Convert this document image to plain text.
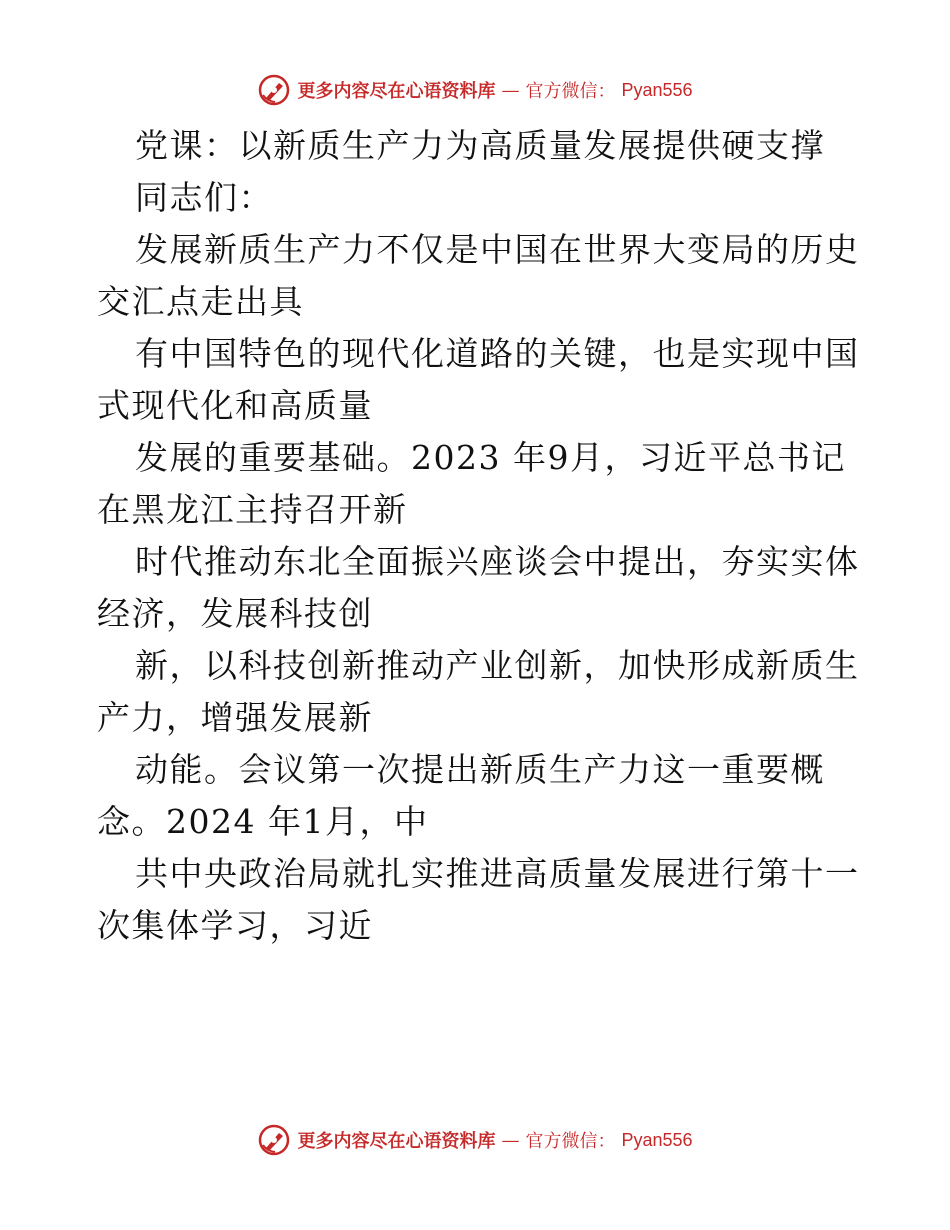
更多内容尽在心语资料库 — 官方微信： Pyan556
党课：以新质生产力为高质量发展提供硬支撑
同志们：
发展新质生产力不仅是中国在世界大变局的历史
交汇点走出具
有中国特色的现代化道路的关键，也是实现中国
式现代化和高质量
发展的重要基础。2023 年9月，习近平总书记
在黑龙江主持召开新
时代推动东北全面振兴座谈会中提出，夯实实体
经济，发展科技创
新，以科技创新推动产业创新，加快形成新质生
产力，增强发展新
动能。会议第一次提出新质生产力这一重要概
念。2024 年1月，中
共中央政治局就扎实推进高质量发展进行第十一
次集体学习，习近
更多内容尽在心语资料库 — 官方微信： Pyan556
